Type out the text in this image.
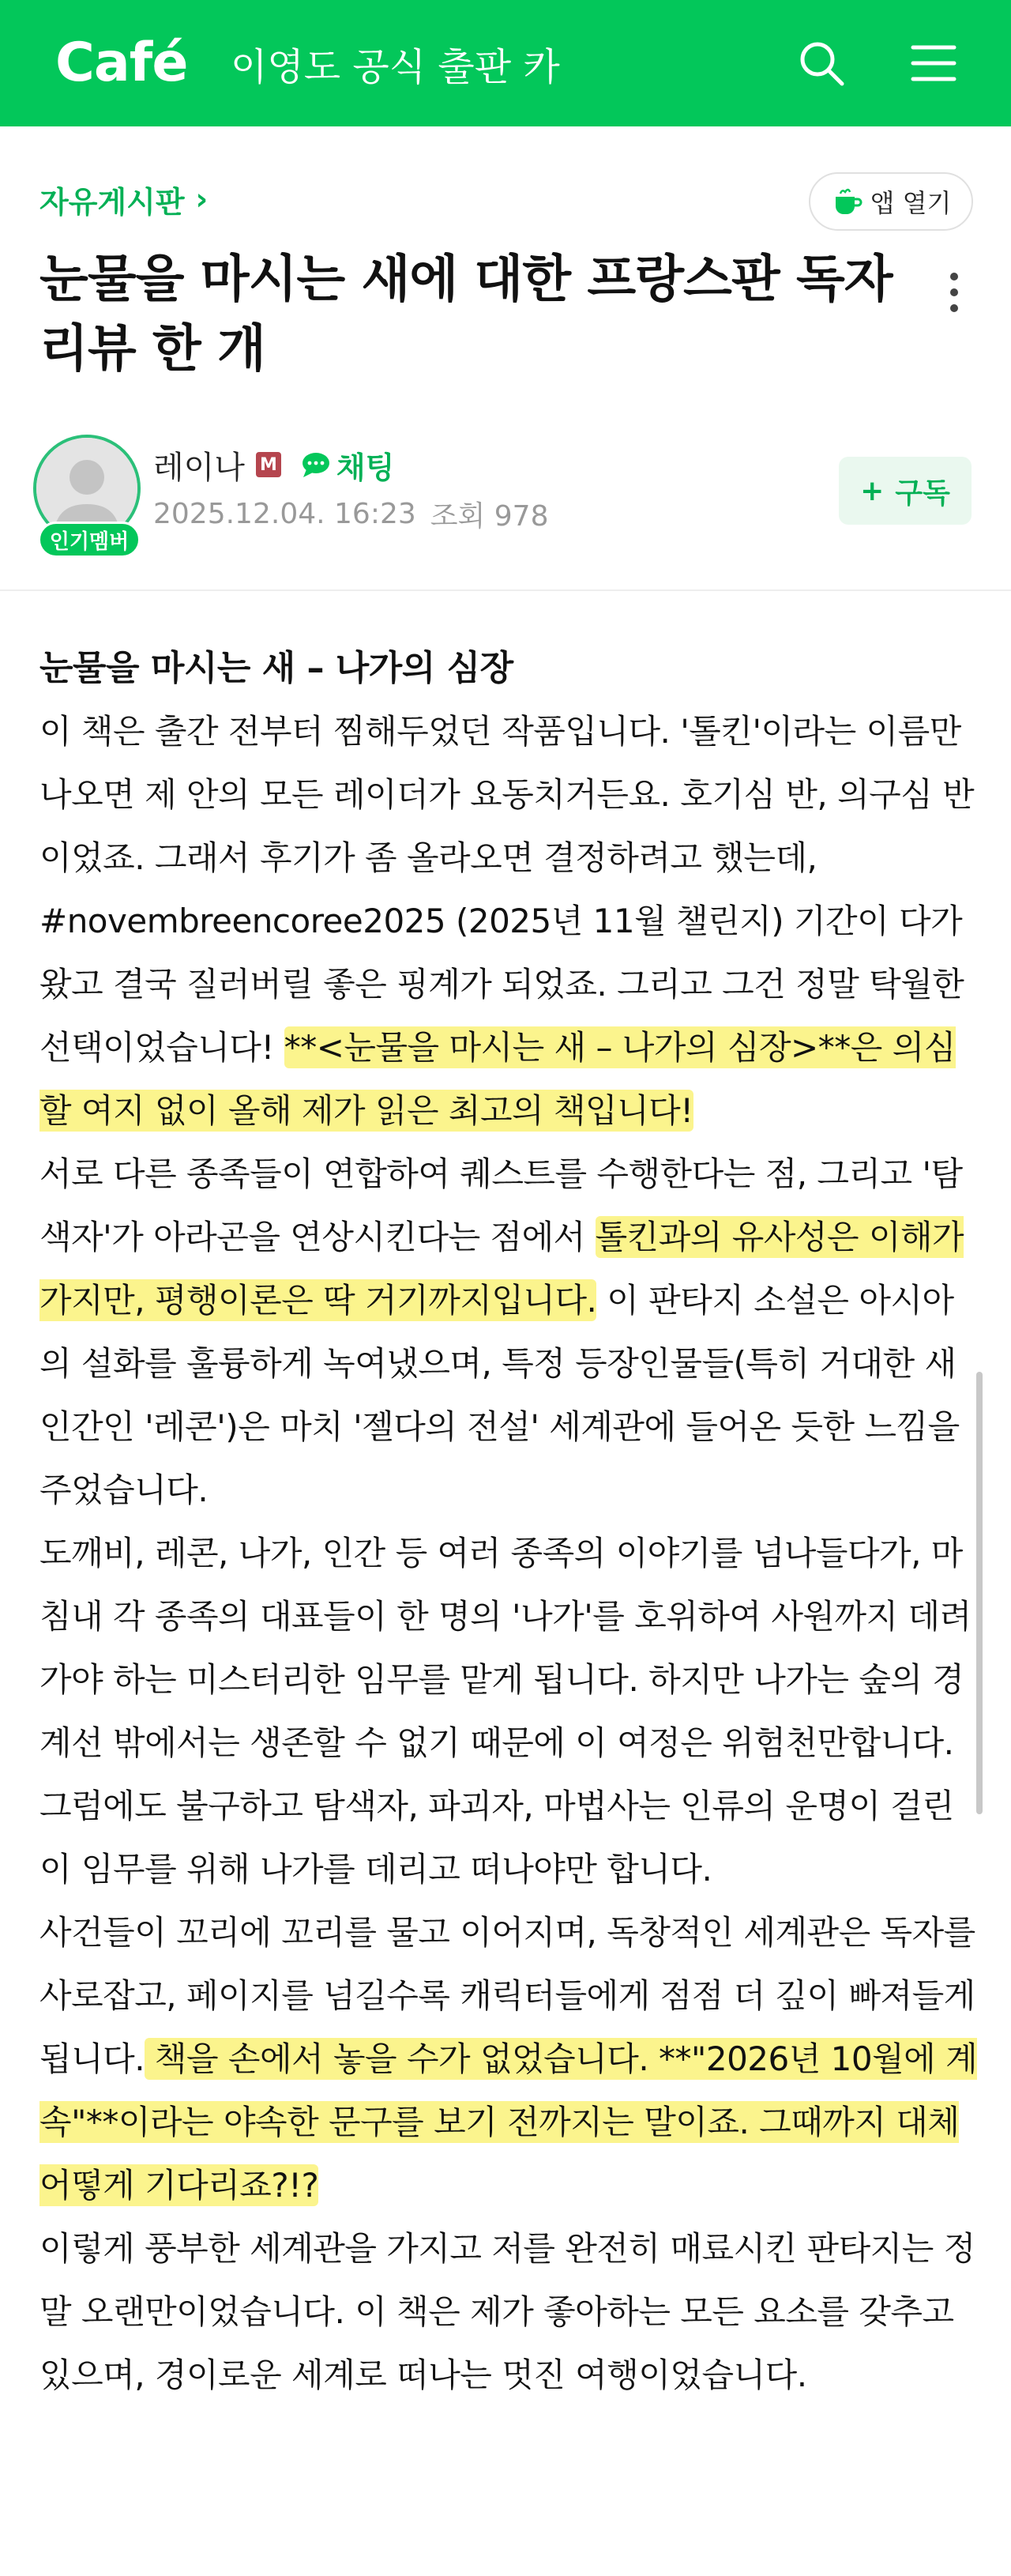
Café 이영도 공식 출판 카
자유게시판 ›	앱 열기
눈물을 마시는 새에 대한 프랑스판 독자 리뷰 한 개
인기멤버
레이나 M 채팅
2025.12.04. 16:23 조회 978
+ 구독
눈물을 마시는 새 – 나가의 심장

이 책은 출간 전부터 찜해두었던 작품입니다. '톨킨'이라는 이름만 나오면 제 안의 모든 레이더가 요동치거든요. 호기심 반, 의구심 반이었죠. 그래서 후기가 좀 올라오면 결정하려고 했는데, #novembreencoree2025 (2025년 11월 챌린지) 기간이 다가왔고 결국 질러버릴 좋은 핑계가 되었죠. 그리고 그건 정말 탁월한 선택이었습니다! **<눈물을 마시는 새 – 나가의 심장>**은 의심할 여지 없이 올해 제가 읽은 최고의 책입니다!

서로 다른 종족들이 연합하여 퀘스트를 수행한다는 점, 그리고 '탐색자'가 아라곤을 연상시킨다는 점에서 톨킨과의 유사성은 이해가 가지만, 평행이론은 딱 거기까지입니다. 이 판타지 소설은 아시아의 설화를 훌륭하게 녹여냈으며, 특정 등장인물들(특히 거대한 새 인간인 '레콘')은 마치 '젤다의 전설' 세계관에 들어온 듯한 느낌을 주었습니다.

도깨비, 레콘, 나가, 인간 등 여러 종족의 이야기를 넘나들다가, 마침내 각 종족의 대표들이 한 명의 '나가'를 호위하여 사원까지 데려가야 하는 미스터리한 임무를 맡게 됩니다. 하지만 나가는 숲의 경계선 밖에서는 생존할 수 없기 때문에 이 여정은 위험천만합니다. 그럼에도 불구하고 탐색자, 파괴자, 마법사는 인류의 운명이 걸린 이 임무를 위해 나가를 데리고 떠나야만 합니다.

사건들이 꼬리에 꼬리를 물고 이어지며, 독창적인 세계관은 독자를 사로잡고, 페이지를 넘길수록 캐릭터들에게 점점 더 깊이 빠져들게 됩니다. 책을 손에서 놓을 수가 없었습니다. **"2026년 10월에 계속"**이라는 야속한 문구를 보기 전까지는 말이죠. 그때까지 대체 어떻게 기다리죠?!?

이렇게 풍부한 세계관을 가지고 저를 완전히 매료시킨 판타지는 정말 오랜만이었습니다. 이 책은 제가 좋아하는 모든 요소를 갖추고 있으며, 경이로운 세계로 떠나는 멋진 여행이었습니다.
